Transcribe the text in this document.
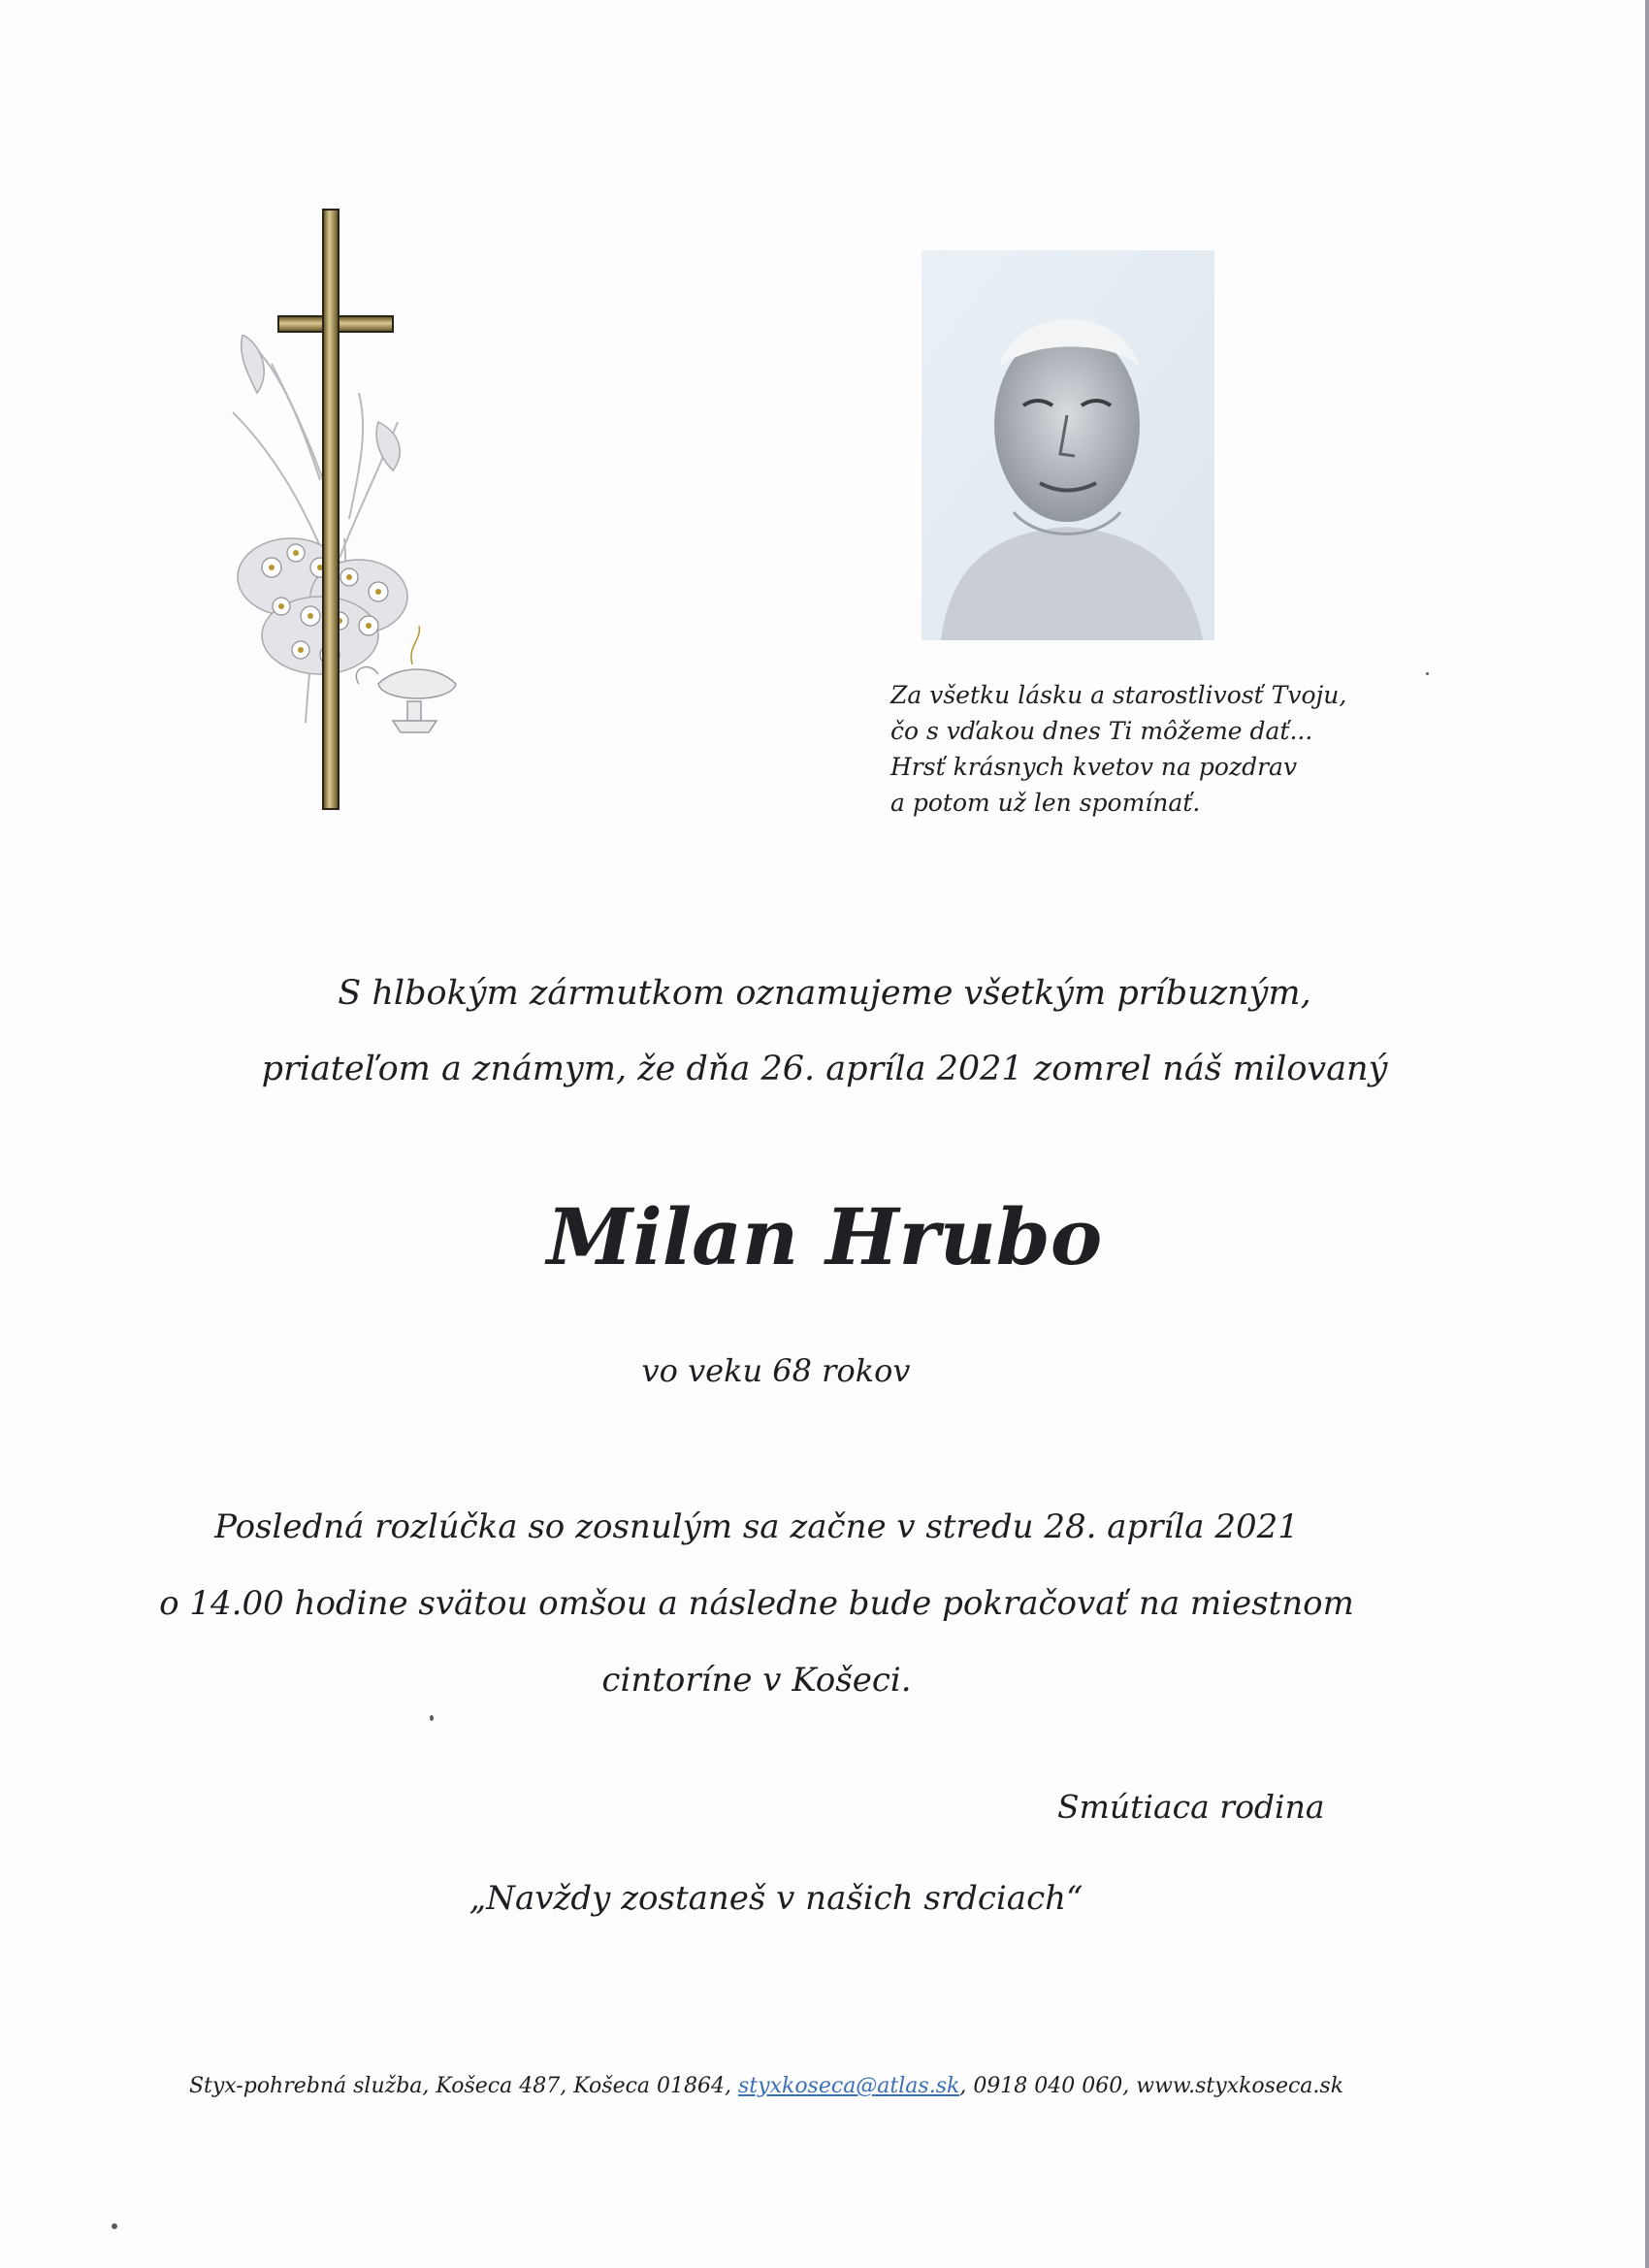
Za všetku lásku a starostlivosť Tvoju,
čo s vďakou dnes Ti môžeme dať...
Hrsť krásnych kvetov na pozdrav
a potom už len spomínať.
S hlbokým zármutkom oznamujeme všetkým príbuzným,
priateľom a známym, že dňa 26. apríla 2021 zomrel náš milovaný
Milan Hrubo
vo veku 68 rokov
Posledná rozlúčka so zosnulým sa začne v stredu 28. apríla 2021
o 14.00 hodine svätou omšou a následne bude pokračovať na miestnom
cintoríne v Košeci.
Smútiaca rodina
„Navždy zostaneš v našich srdciach“
Styx-pohrebná služba, Košeca 487, Košeca 01864, styxkoseca@atlas.sk, 0918 040 060, www.styxkoseca.sk
